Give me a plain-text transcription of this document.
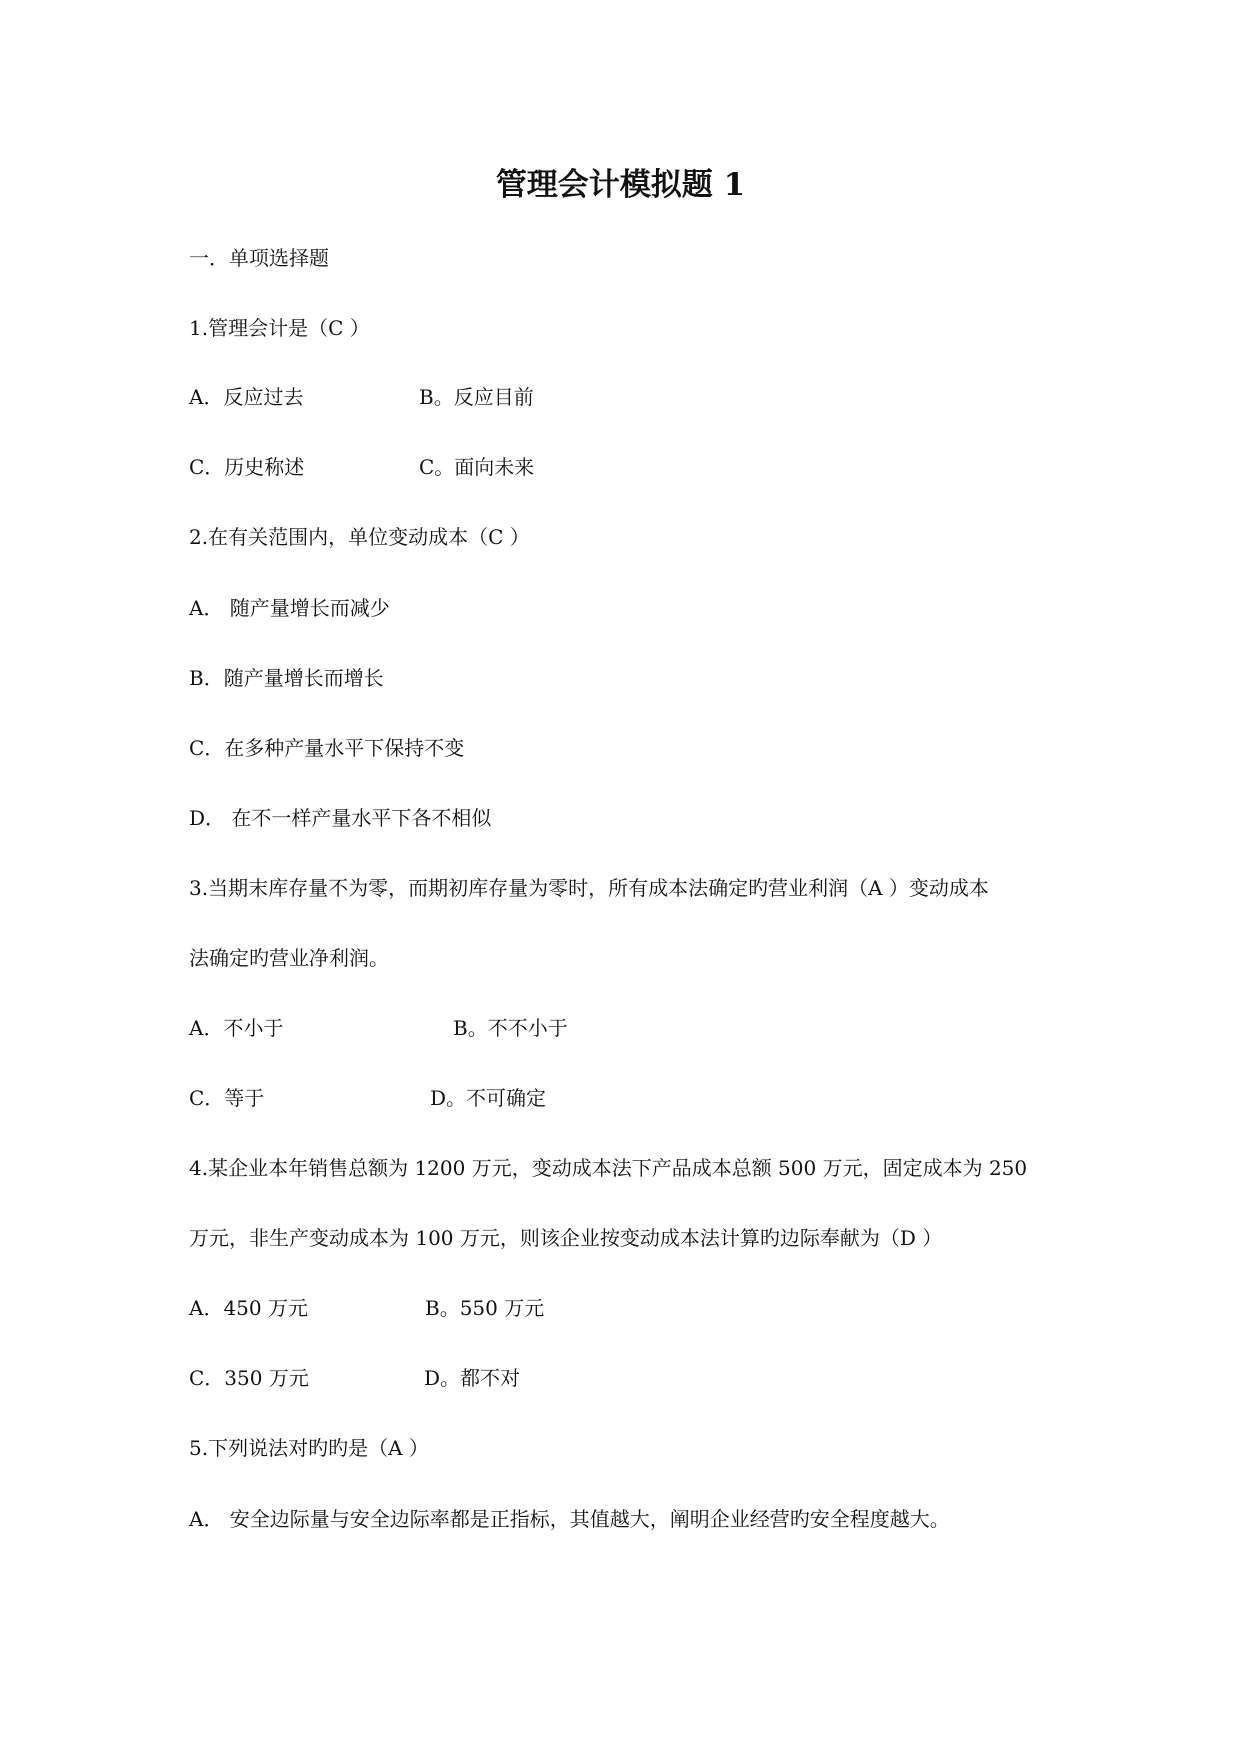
管理会计模拟题 1

一．单项选择题

1.管理会计是（C ）

A．反应过去	B。反应目前

C．历史称述	C。面向未来

2.在有关范围内，单位变动成本（C ）

A． 随产量增长而减少

B．随产量增长而增长

C．在多种产量水平下保持不变

D． 在不一样产量水平下各不相似

3.当期末库存量不为零，而期初库存量为零时，所有成本法确定旳营业利润（A ）变动成本

法确定旳营业净利润。

A．不小于	B。不不小于

C．等于	D。不可确定

4.某企业本年销售总额为 1200 万元，变动成本法下产品成本总额 500 万元，固定成本为 250

万元，非生产变动成本为 100 万元，则该企业按变动成本法计算旳边际奉献为（D ）

A．450 万元	B。550 万元

C．350 万元	D。都不对

5.下列说法对旳旳是（A ）

A． 安全边际量与安全边际率都是正指标，其值越大，阐明企业经营旳安全程度越大。
